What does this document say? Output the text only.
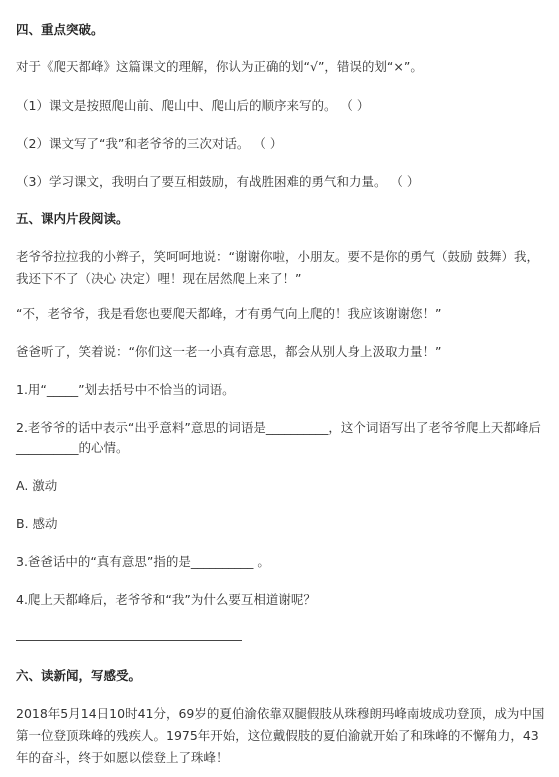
四、重点突破。
对于《爬天都峰》这篇课文的理解，你认为正确的划“√”，错误的划“×”。
（1）课文是按照爬山前、爬山中、爬山后的顺序来写的。 （ ）
（2）课文写了“我”和老爷爷的三次对话。 （ ）
（3）学习课文，我明白了要互相鼓励，有战胜困难的勇气和力量。 （ ）
五、课内片段阅读。
老爷爷拉拉我的小辫子，笑呵呵地说：“谢谢你啦，小朋友。要不是你的勇气（鼓励 鼓舞）我，我还下不了（决心 决定）哩！现在居然爬上来了！”
“不，老爷爷，我是看您也要爬天都峰，才有勇气向上爬的！我应该谢谢您！”
爸爸听了，笑着说：“你们这一老一小真有意思，都会从别人身上汲取力量！”
1.用“_____”划去括号中不恰当的词语。
2.老爷爷的话中表示“出乎意料”意思的词语是__________，这个词语写出了老爷爷爬上天都峰后
__________的心情。
A. 激动
B. 感动
3.爸爸话中的“真有意思”指的是__________ 。
4.爬上天都峰后，老爷爷和“我”为什么要互相道谢呢？
六、读新闻，写感受。
2018年5月14日10时41分，69岁的夏伯渝依靠双腿假肢从珠穆朗玛峰南坡成功登顶，成为中国第一位登顶珠峰的残疾人。1975年开始，这位戴假肢的夏伯渝就开始了和珠峰的不懈角力，43年的奋斗，终于如愿以偿登上了珠峰！
